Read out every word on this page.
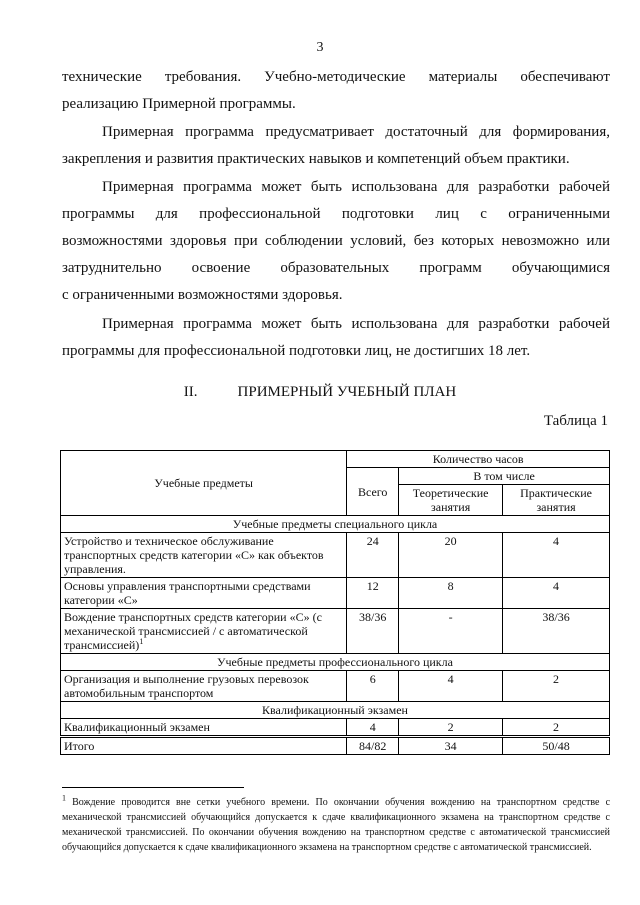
3

технические требования. Учебно-методические материалы обеспечивают
реализацию Примерной программы.

Примерная программа предусматривает достаточный для формирования,
закрепления и развития практических навыков и компетенций объем практики.

Примерная программа может быть использована для разработки рабочей
программы для профессиональной подготовки лиц с ограниченными
возможностями здоровья при соблюдении условий, без которых невозможно или
затруднительно освоение образовательных программ обучающимися
с ограниченными возможностями здоровья.

Примерная программа может быть использована для разработки рабочей
программы для профессиональной подготовки лиц, не достигших 18 лет.

II.	ПРИМЕРНЫЙ УЧЕБНЫЙ ПЛАН
Таблица 1
Учебные предметы	Количество часов		
	Всего	В том числе	
		Теоретические занятия	Практические занятия
Учебные предметы специального цикла			
Устройство и техническое обслуживание транспортных средств категории «С» как объектов управления.	24	20	4
Основы управления транспортными средствами категории «С»	12	8	4
Вождение транспортных средств категории «С» (с механической трансмиссией / с автоматической трансмиссией)$^1$	38/36	-	38/36
Учебные предметы профессионального цикла			
Организация и выполнение грузовых перевозок автомобильным транспортом	6	4	2
Квалификационный экзамен			
Квалификационный экзамен	4	2	2
Итого	84/82	34	50/48

$^1$ Вождение проводится вне сетки учебного времени. По окончании обучения вождению на транспортном средстве с механической трансмиссией обучающийся допускается к сдаче квалификационного экзамена на транспортном средстве с механической трансмиссией. По окончании обучения вождению на транспортном средстве с автоматической трансмиссией обучающийся допускается к сдаче квалификационного экзамена на транспортном средстве с автоматической трансмиссией.
